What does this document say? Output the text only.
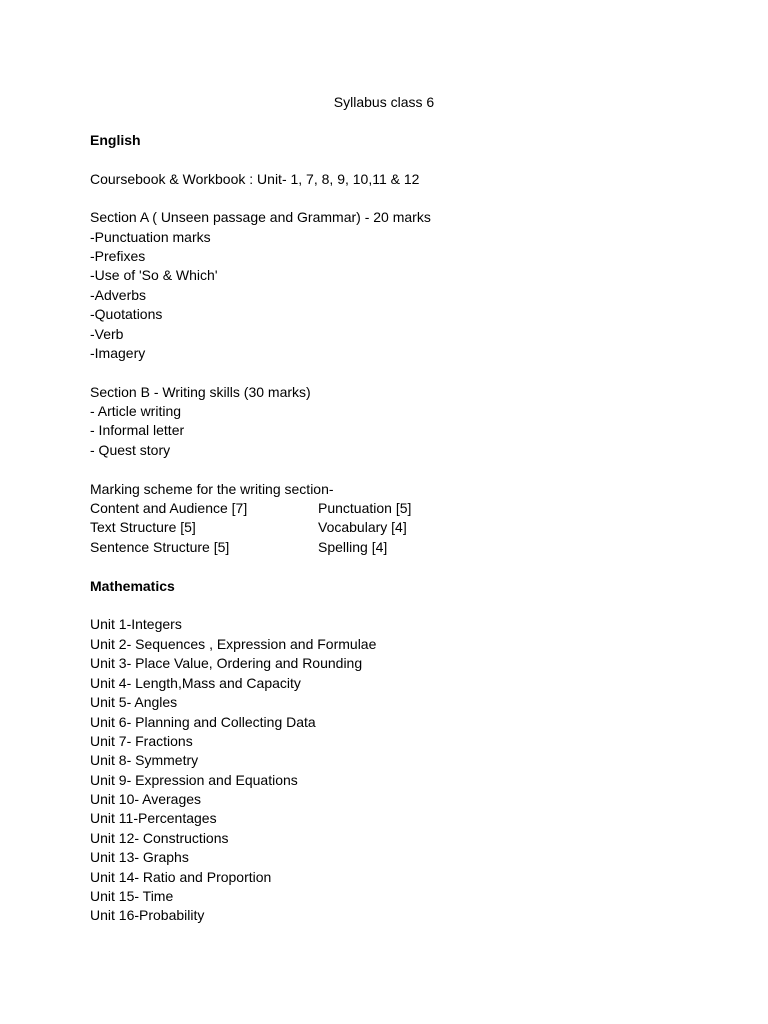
Syllabus class 6
English
Coursebook & Workbook : Unit- 1, 7, 8, 9, 10,11 & 12
Section A ( Unseen passage and Grammar) - 20 marks
-Punctuation marks
-Prefixes
-Use of 'So & Which'
-Adverbs
-Quotations
-Verb
-Imagery
Section B - Writing skills (30 marks)
- Article writing
- Informal letter
- Quest story
Marking scheme for the writing section-
Content and Audience [7]	Punctuation [5]
Text Structure [5]	Vocabulary [4]
Sentence Structure [5]	Spelling [4]
Mathematics
Unit 1-Integers
Unit 2- Sequences , Expression and Formulae
Unit 3- Place Value, Ordering and Rounding
Unit 4- Length,Mass and Capacity
Unit 5- Angles
Unit 6- Planning and Collecting Data
Unit 7- Fractions
Unit 8- Symmetry
Unit 9- Expression and Equations
Unit 10- Averages
Unit 11-Percentages
Unit 12- Constructions
Unit 13- Graphs
Unit 14- Ratio and Proportion
Unit 15- Time
Unit 16-Probability
